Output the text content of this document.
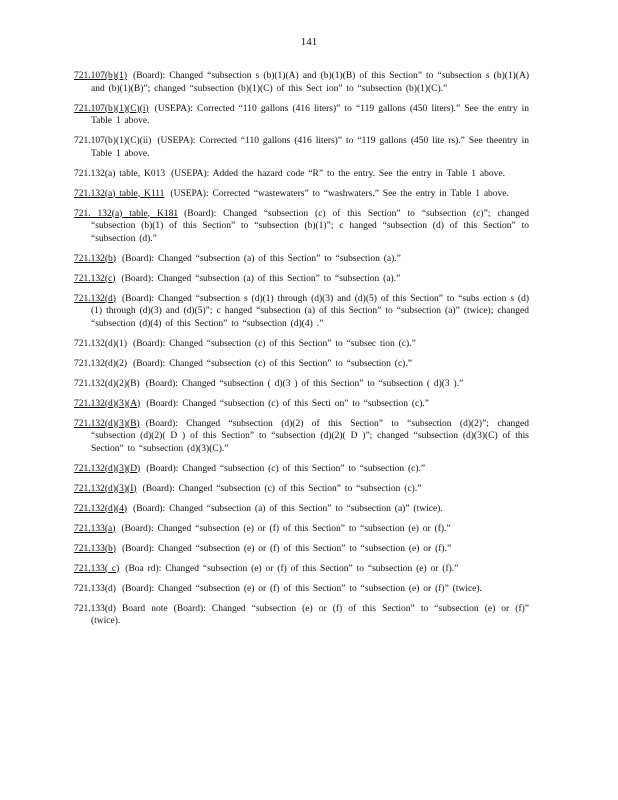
141

721.107(b)(1) (Board): Changed “subsection s (b)(1)(A) and (b)(1)(B) of this Section” to “subsection s (b)(1)(A) and (b)(1)(B)”; changed “subsection (b)(1)(C) of this Sect ion” to “subsection (b)(1)(C).”

721.107(b)(1)(C)(i) (USEPA): Corrected “110 gallons (416 liters)” to “119 gallons (450 liters).” See the entry in Table 1 above.

721.107(b)(1)(C)(ii) (USEPA): Corrected “110 gallons (416 liters)” to “119 gallons (450 lite rs).” See theentry in Table 1 above.

721.132(a) table, K013 (USEPA): Added the hazard code “R” to the entry. See the entry in Table 1 above.

721.132(a) table, K111 (USEPA): Corrected “wastewaters” to “washwaters.” See the entry in Table 1 above.

721. 132(a) table, K181 (Board): Changed “subsection (c) of this Section” to “subsection (c)”; changed “subsection (b)(1) of this Section” to “subsection (b)(1)”; c hanged “subsection (d) of this Section” to “subsection (d).”

721.132(b) (Board): Changed “subsection (a) of this Section” to “subsection (a).”

721.132(c) (Board): Changed “subsection (a) of this Section” to “subsection (a).”

721.132(d) (Board): Changed “subsection s (d)(1) through (d)(3) and (d)(5) of this Section” to “subs ection s (d)(1) through (d)(3) and (d)(5)”; c hanged “subsection (a) of this Section” to “subsection (a)” (twice); changed “subsection (d)(4) of this Section” to “subsection (d)(4) .”

721.132(d)(1) (Board): Changed “subsection (c) of this Section” to “subsec tion (c).”

721.132(d)(2) (Board): Changed “subsection (c) of this Section” to “subsection (c).”

721.132(d)(2)(B) (Board): Changed “subsection ( d)(3 ) of this Section” to “subsection ( d)(3 ).”

721.132(d)(3)(A) (Board): Changed “subsection (c) of this Secti on” to “subsection (c).”

721.132(d)(3)(B) (Board): Changed “subsection (d)(2) of this Section” to “subsection (d)(2)”; changed “subsection (d)(2)( D ) of this Section” to “subsection (d)(2)( D )”; changed “subsection (d)(3)(C) of this Section” to “subsection (d)(3)(C).”

721.132(d)(3)(D) (Board): Changed “subsection (c) of this Section” to “subsection (c).”

721.132(d)(3)(I) (Board): Changed “subsection (c) of this Section” to “subsection (c).”

721.132(d)(4) (Board): Changed “subsection (a) of this Section” to “subsection (a)” (twice).

721.133(a) (Board): Changed “subsection (e) or (f) of this Section” to “subsection (e) or (f).”

721.133(b) (Board): Changed “subsection (e) or (f) of this Section” to “subsection (e) or (f).”

721.133( c) (Boa rd): Changed “subsection (e) or (f) of this Section” to “subsection (e) or (f).”

721.133(d) (Board): Changed “subsection (e) or (f) of this Section” to “subsection (e) or (f)” (twice).

721.133(d) Board note (Board): Changed “subsection (e) or (f) of this Section” to “subsection (e) or (f)” (twice).
